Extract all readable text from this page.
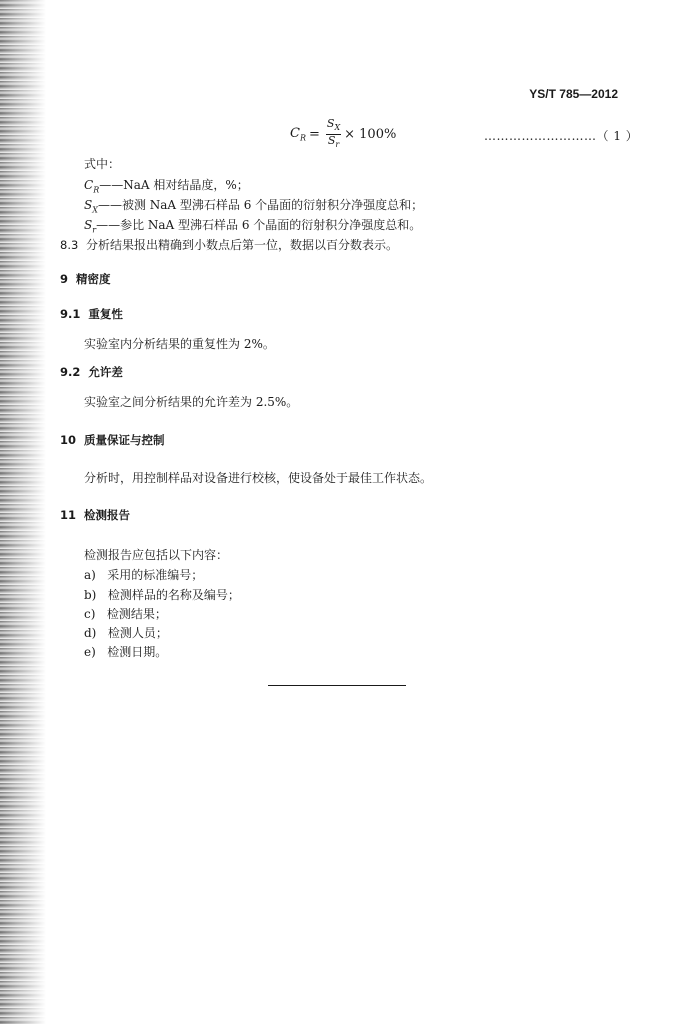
YS/T 785—2012
$C_R = \frac{S_X}{S_r} \times 100\%$	………………………（ 1 ）
式中：
$C_R——NaA$ 相对结晶度，%；
$S_X——$被测 NaA 型沸石样品 6 个晶面的衍射积分净强度总和；
$S_r——$参比 NaA 型沸石样品 6 个晶面的衍射积分净强度总和。
8.3 分析结果报出精确到小数点后第一位，数据以百分数表示。
9 精密度
9.1 重复性
实验室内分析结果的重复性为 2%。
9.2 允许差
实验室之间分析结果的允许差为 2.5%。
10 质量保证与控制
分析时，用控制样品对设备进行校核，使设备处于最佳工作状态。
11 检测报告
检测报告应包括以下内容：
a) 采用的标准编号；
b) 检测样品的名称及编号；
c) 检测结果；
d) 检测人员；
e) 检测日期。
